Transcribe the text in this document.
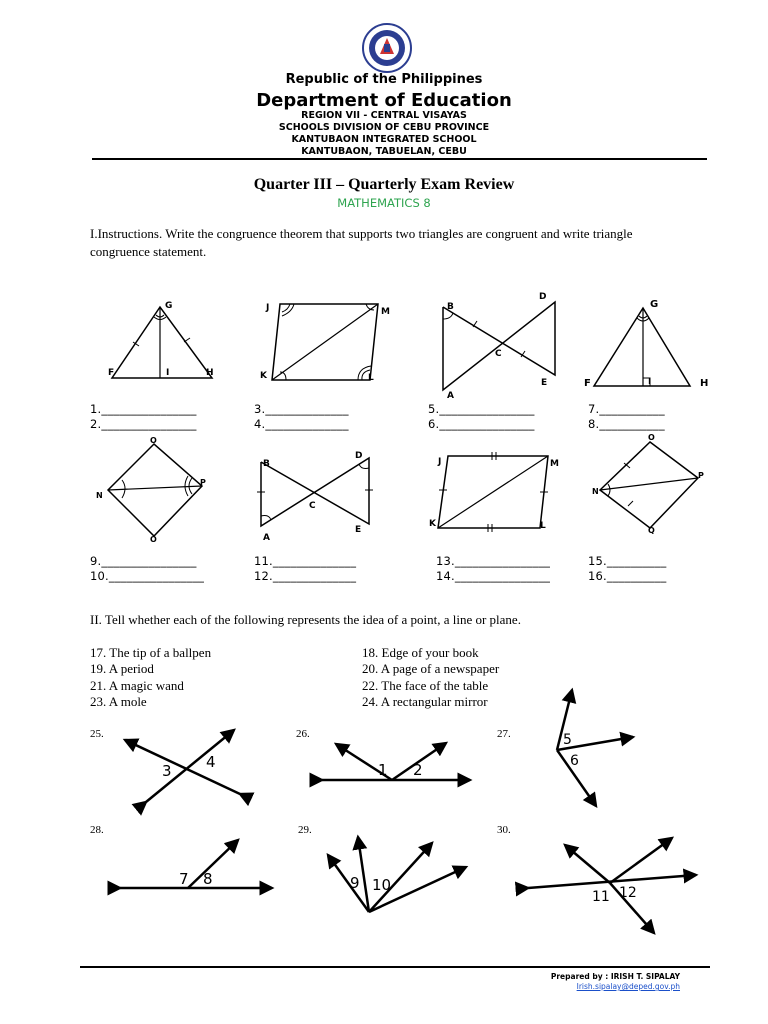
Republic of the Philippines
Department of Education
REGION VII - CENTRAL VISAYAS
SCHOOLS DIVISION OF CEBU PROVINCE
KANTUBAON INTEGRATED SCHOOL
KANTUBAON, TABUELAN, CEBU
Quarter III – Quarterly Exam Review
MATHEMATICS 8
I.Instructions. Write the congruence theorem that supports two triangles are congruent and write triangle congruence statement.
G
F	I	H
J	M
K	L
B
D
C
E
A
G
F	I	H
1.________________
2.________________
3.______________
4.______________
5.________________
6.________________
7.___________
8.___________
O
N
P
O
B
D
C
A
E
J	M
K	L
O
P
N
Q
9.________________
10.________________
11.______________
12.______________
13.________________
14.________________
15.__________
16.__________
II. Tell whether each of the following represents the idea of a point, a line or plane.
17. The tip of a ballpen	18. Edge of your book
19. A period	20. A page of a newspaper
21. A magic wand	22. The face of the table
23. A mole	24. A rectangular mirror
25.	26.	27.
28.	29.	30.
3 4	1 2
5
6
7 8	9 10
11 12
Prepared by : IRISH T. SIPALAY
Irish.sipalay@deped.gov.ph
